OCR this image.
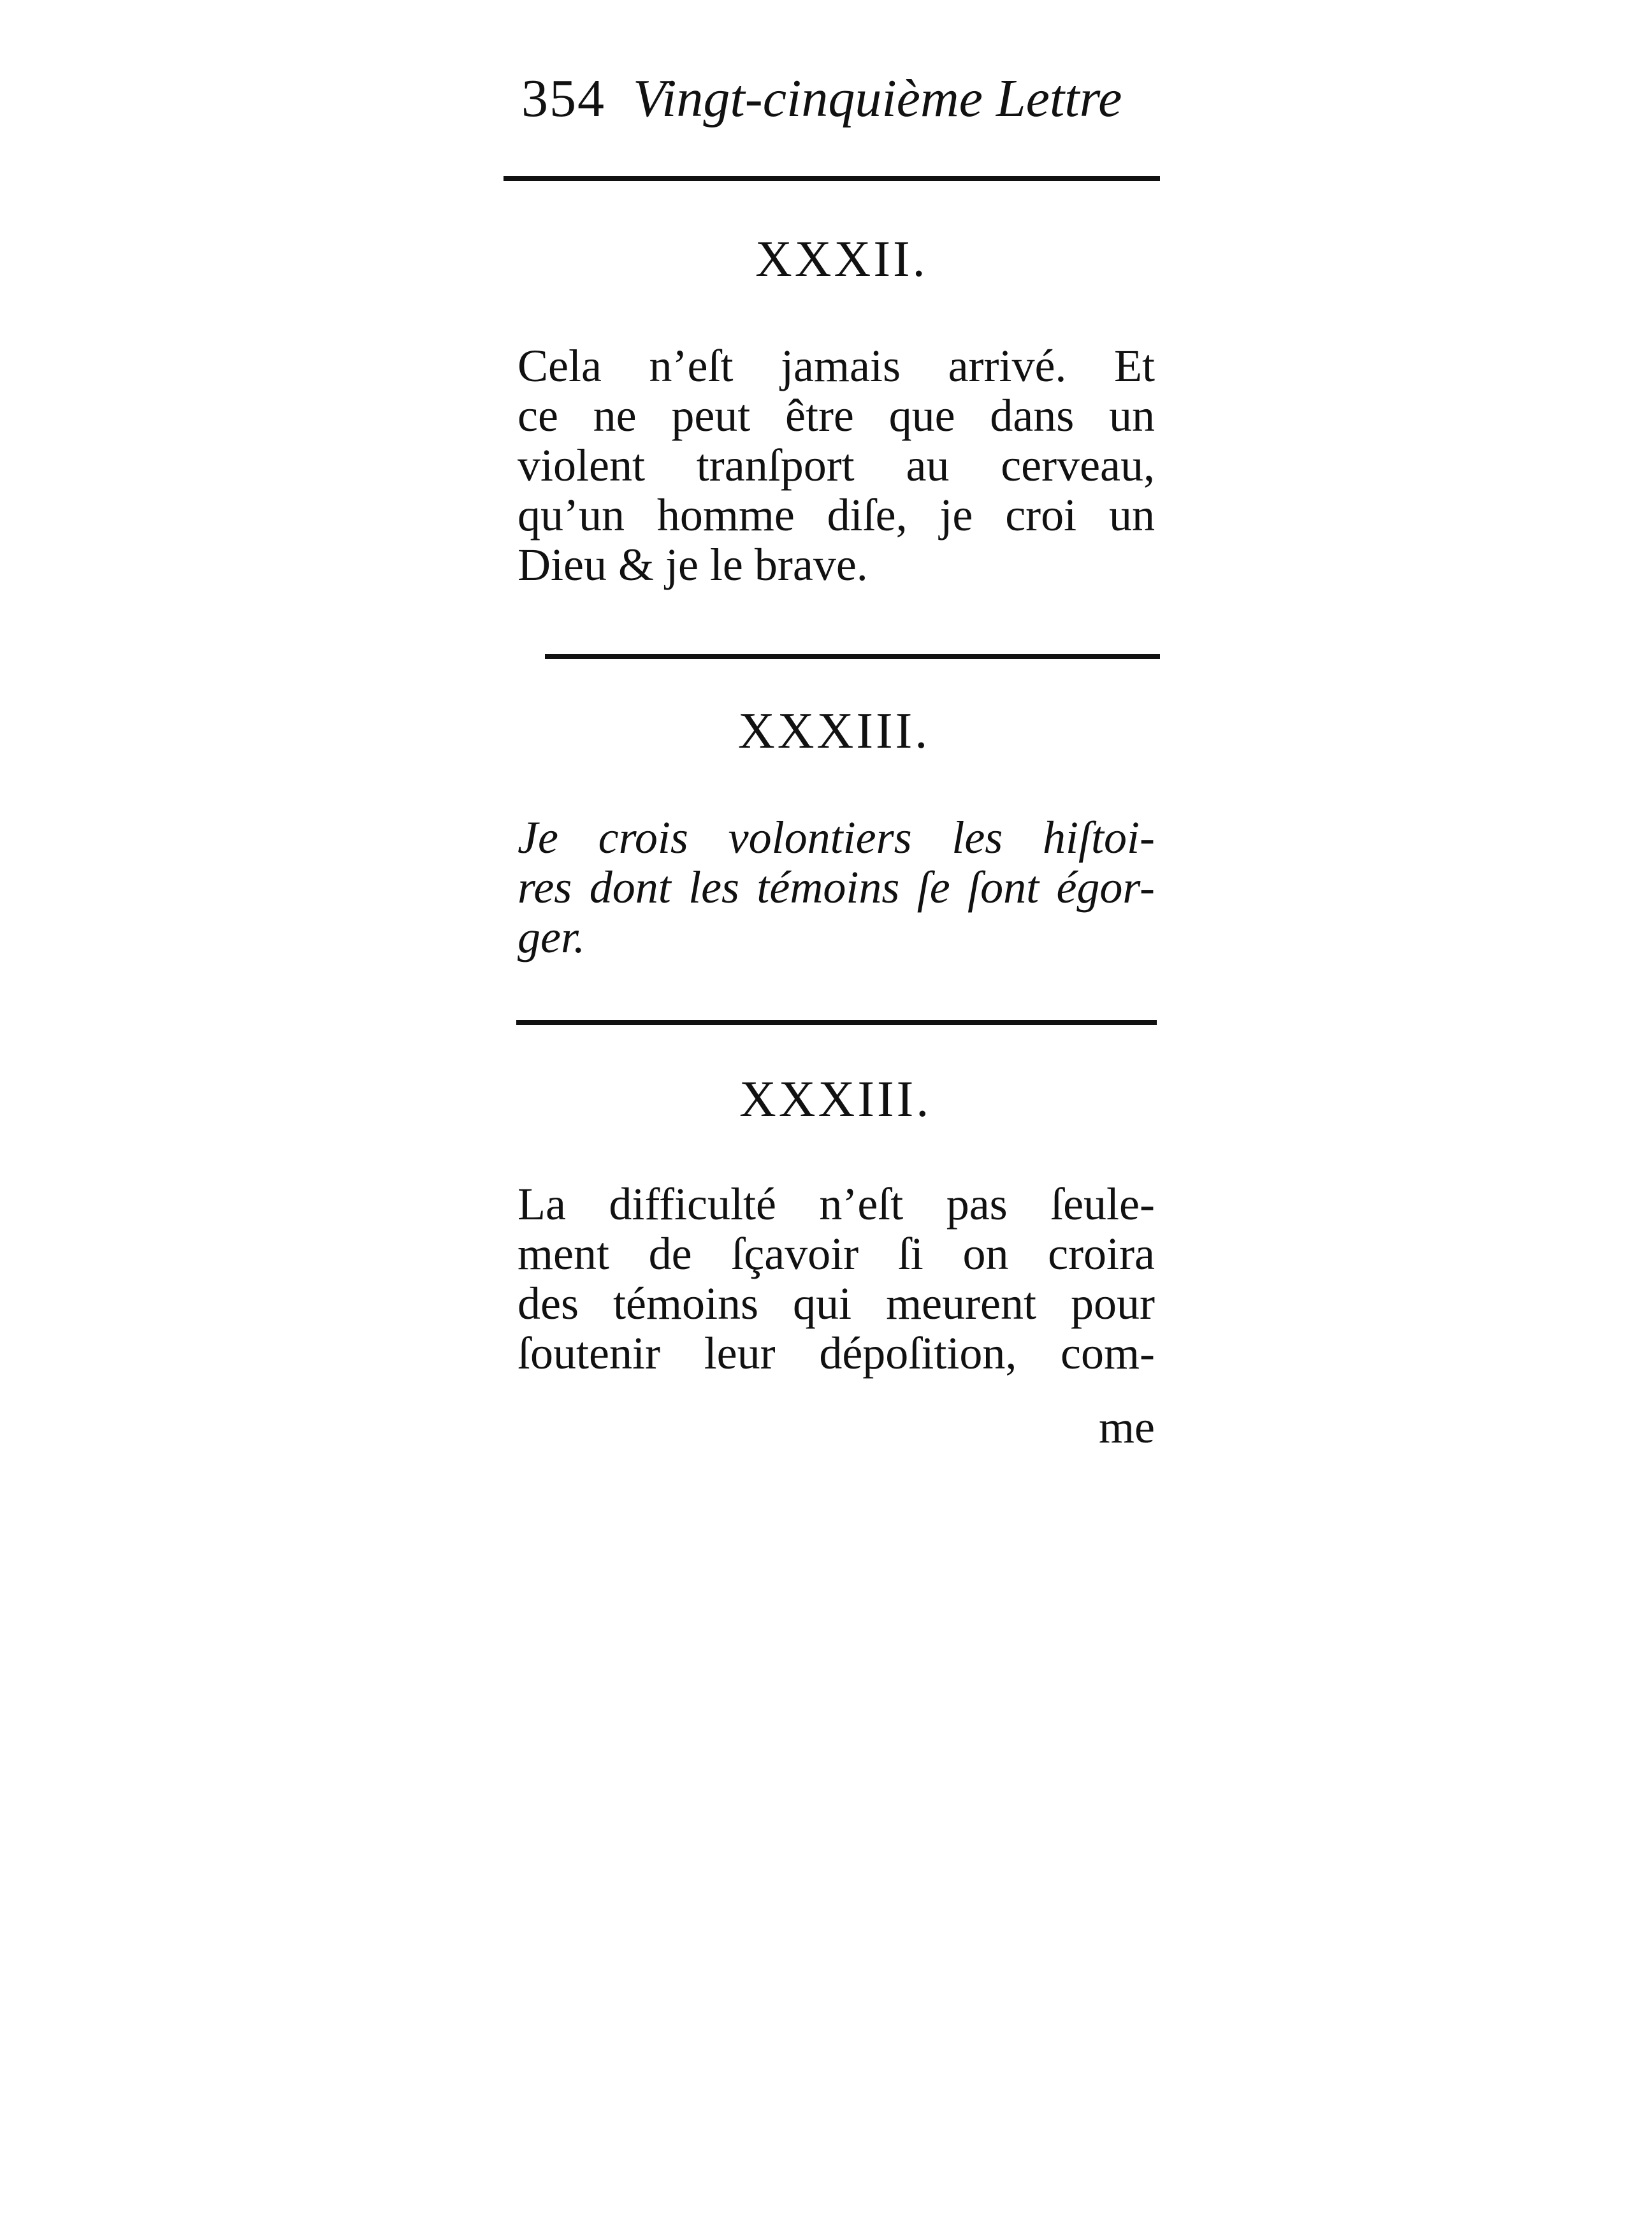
354 Vingt-cinquième Lettre
XXXII.
Cela n’eſt jamais arrivé. Et
ce ne peut être que dans un
violent tranſport au cerveau,
qu’un homme diſe, je croi un
Dieu & je le brave.
XXXIII.
Je crois volontiers les hiſtoi-
res dont les témoins ſe ſont égor-
ger.
XXXIII.
La difficulté n’eſt pas ſeule-
ment de ſçavoir ſi on croira
des témoins qui meurent pour
ſoutenir leur dépoſition, com-
me
